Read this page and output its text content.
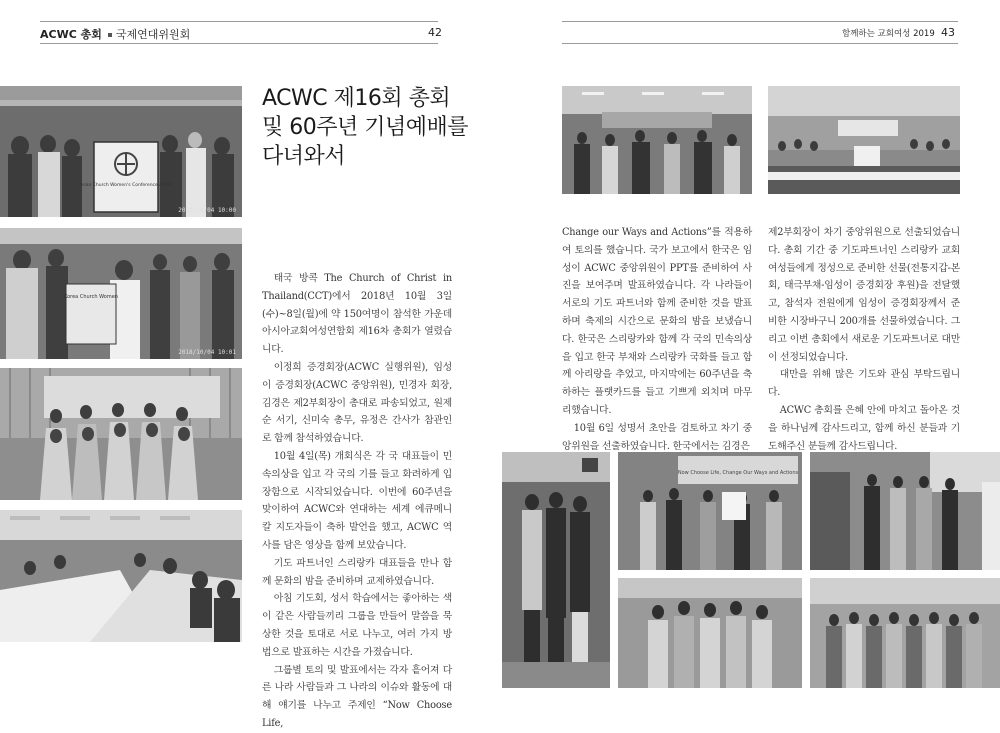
ACWC 총회 국제연대위원회	42	함께하는 교회여성 2019 43
Asian Church Women's Conference ACWC
2018/10/04 10:00
Korea Church Women
2018/10/04 10:01
ACWC 제16회 총회
및 60주년 기념예배를
다녀와서

태국 방콕 The Church of Christ in Thailand(CCT)에서 2018년 10월 3일(수)~8일(월)에 약 150여명이 참석한 가운데 아시아교회여성연합회 제16차 총회가 열렸습니다.

이정희 증경회장(ACWC 실행위원), 임성이 증경회장(ACWC 중앙위원), 민경자 회장, 김경은 제2부회장이 총대로 파송되었고, 원제순 서기, 신미숙 총무, 유정은 간사가 참관인로 함께 참석하였습니다.

10월 4일(목) 개회식은 각 국 대표들이 민속의상을 입고 각 국의 기를 들고 화려하게 입장함으로 시작되었습니다. 이번에 60주년을 맞이하여 ACWC와 연대하는 세계 에큐메니칼 지도자들이 축하 발언을 했고, ACWC 역사를 담은 영상을 함께 보았습니다.

기도 파트너인 스리랑카 대표들을 만나 함께 문화의 밤을 준비하며 교제하였습니다.

아침 기도회, 성서 학습에서는 좋아하는 색이 같은 사람들끼리 그룹을 만들어 말씀을 묵상한 것을 토대로 서로 나누고, 여러 가지 방법으로 발표하는 시간을 가졌습니다.

그룹별 토의 및 발표에서는 각자 흩어져 다른 나라 사람들과 그 나라의 이슈와 활동에 대해 얘기를 나누고 주제인 “Now Choose Life,

Change our Ways and Actions”를 적용하여 토의를 했습니다. 국가 보고에서 한국은 임성이 ACWC 중앙위원이 PPT를 준비하여 사진을 보여주며 발표하였습니다. 각 나라들이 서로의 기도 파트너와 함께 준비한 것을 발표하며 축제의 시간으로 문화의 밤을 보냈습니다. 한국은 스리랑카와 함께 각 국의 민속의상을 입고 한국 부채와 스리랑카 국화를 들고 함께 아리랑을 추었고, 마지막에는 60주년을 축하하는 플랫카드를 들고 기쁘게 외치며 마무리했습니다.

10월 6일 성명서 초안을 검토하고 차기 중앙위원을 선출하였습니다. 한국에서는 김경은

제2부회장이 차기 중앙위원으로 선출되었습니다. 총회 기간 중 기도파트너인 스리랑카 교회여성들에게 정성으로 준비한 선물(전통지갑-본회, 태극부채-임성이 증경회장 후원)을 전달했고, 참석자 전원에게 임성이 증경회장께서 준비한 시장바구니 200개를 선물하였습니다. 그리고 이번 총회에서 새로운 기도파트너로 대만이 선정되었습니다.

대만을 위해 많은 기도와 관심 부탁드립니다.

ACWC 총회를 은혜 안에 마치고 돌아온 것을 하나님께 감사드리고, 함께 하신 분들과 기도해주신 분들께 감사드립니다.

Now Choose Life, Change Our Ways and Actions
